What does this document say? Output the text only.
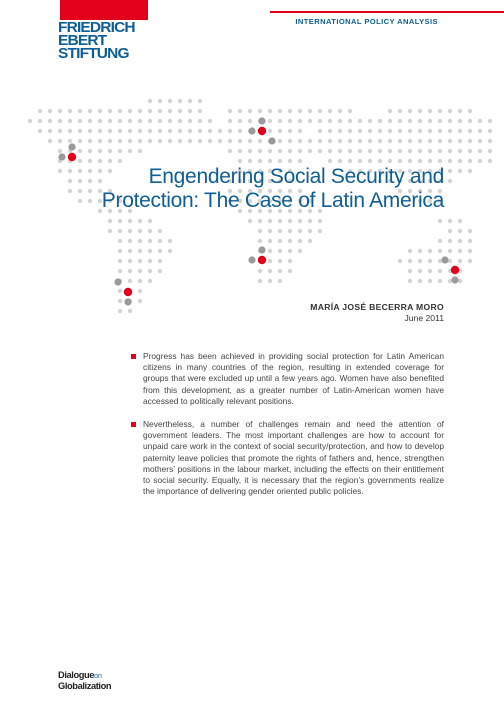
INTERNATIONAL POLICY ANALYSIS
FRIEDRICH
EBERT
STIFTUNG
Engendering Social Security and
Protection: The Case of Latin America
MARÍA JOSÉ BECERRA MORO
June 2011
Progress has been achieved in providing social protection for Latin American citizens in many countries of the region, resulting in extended coverage for groups that were excluded up until a few years ago. Women have also benefited from this development, as a greater number of Latin-American women have accessed to politically relevant positions.
Nevertheless, a number of challenges remain and need the attention of government leaders. The most important challenges are how to account for unpaid care work in the context of social security/protection, and how to develop paternity leave policies that promote the rights of fathers and, hence, strengthen mothers’ positions in the labour market, including the effects on their entitlement to social security. Equally, it is necessary that the region’s governments realize the importance of delivering gender oriented public policies.
Dialogueon
Globalization
